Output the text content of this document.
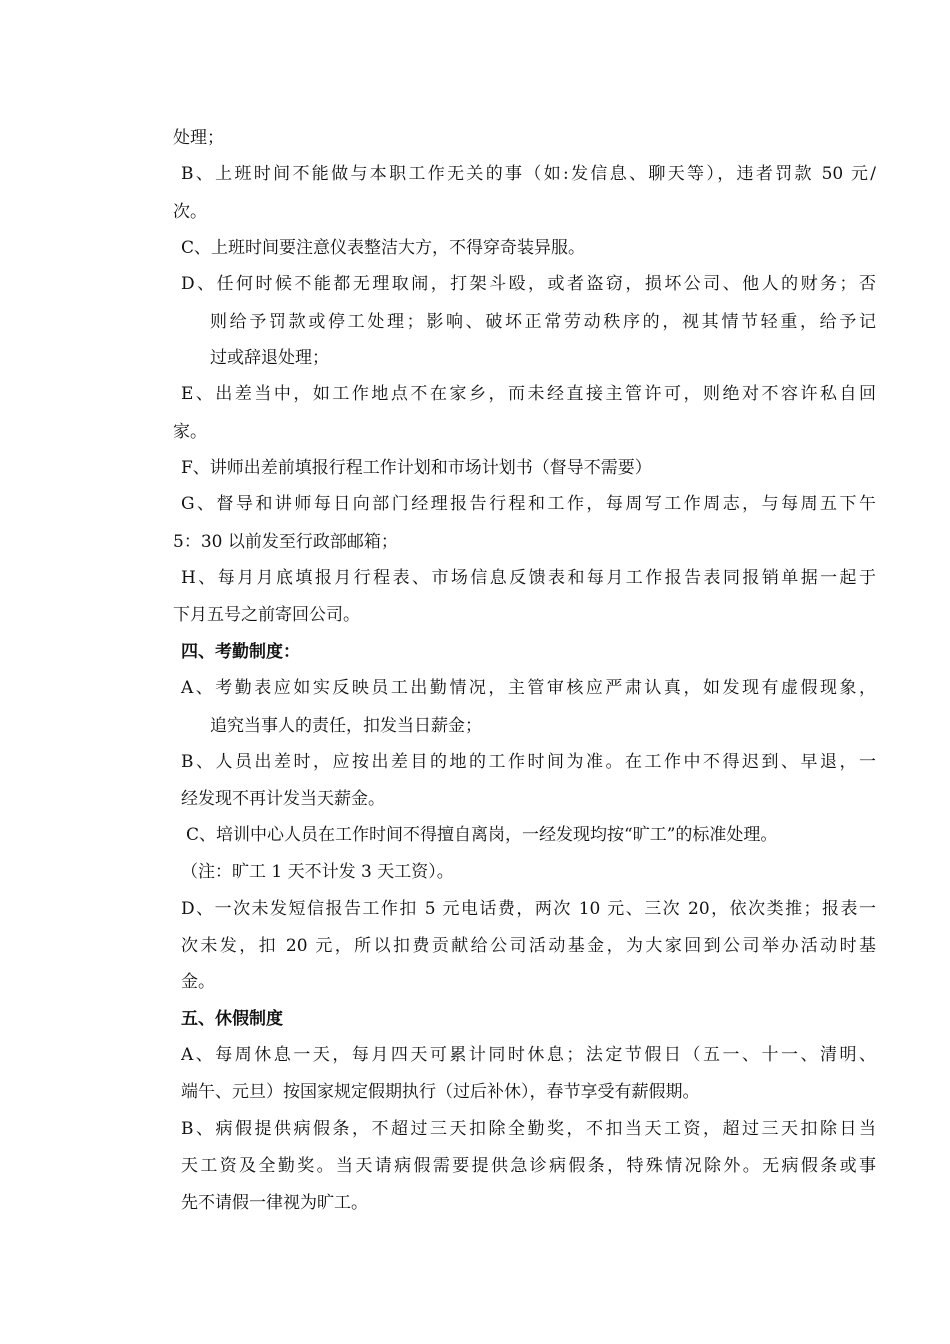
处理；
B、上班时间不能做与本职工作无关的事（如:发信息、聊天等），违者罚款 50 元/
次。
C、上班时间要注意仪表整洁大方，不得穿奇装异服。
D、任何时候不能都无理取闹，打架斗殴，或者盗窃，损坏公司、他人的财务；否
则给予罚款或停工处理；影响、破坏正常劳动秩序的，视其情节轻重，给予记
过或辞退处理；
E、出差当中，如工作地点不在家乡，而未经直接主管许可，则绝对不容许私自回
家。
F、讲师出差前填报行程工作计划和市场计划书（督导不需要）
G、督导和讲师每日向部门经理报告行程和工作，每周写工作周志，与每周五下午
5：30 以前发至行政部邮箱；
H、每月月底填报月行程表、市场信息反馈表和每月工作报告表同报销单据一起于
下月五号之前寄回公司。
四、考勤制度：
A、考勤表应如实反映员工出勤情况，主管审核应严肃认真，如发现有虚假现象，
追究当事人的责任，扣发当日薪金；
B、人员出差时，应按出差目的地的工作时间为准。在工作中不得迟到、早退，一
经发现不再计发当天薪金。
C、培训中心人员在工作时间不得擅自离岗，一经发现均按“旷工”的标准处理。
（注：旷工 1 天不计发 3 天工资）。
D、一次未发短信报告工作扣 5 元电话费，两次 10 元、三次 20，依次类推；报表一
次未发，扣 20 元，所以扣费贡献给公司活动基金，为大家回到公司举办活动时基
金。
五、休假制度
A、每周休息一天，每月四天可累计同时休息；法定节假日（五一、十一、清明、
端午、元旦）按国家规定假期执行（过后补休），春节享受有薪假期。
B、病假提供病假条，不超过三天扣除全勤奖，不扣当天工资，超过三天扣除日当
天工资及全勤奖。当天请病假需要提供急诊病假条，特殊情况除外。无病假条或事
先不请假一律视为旷工。
